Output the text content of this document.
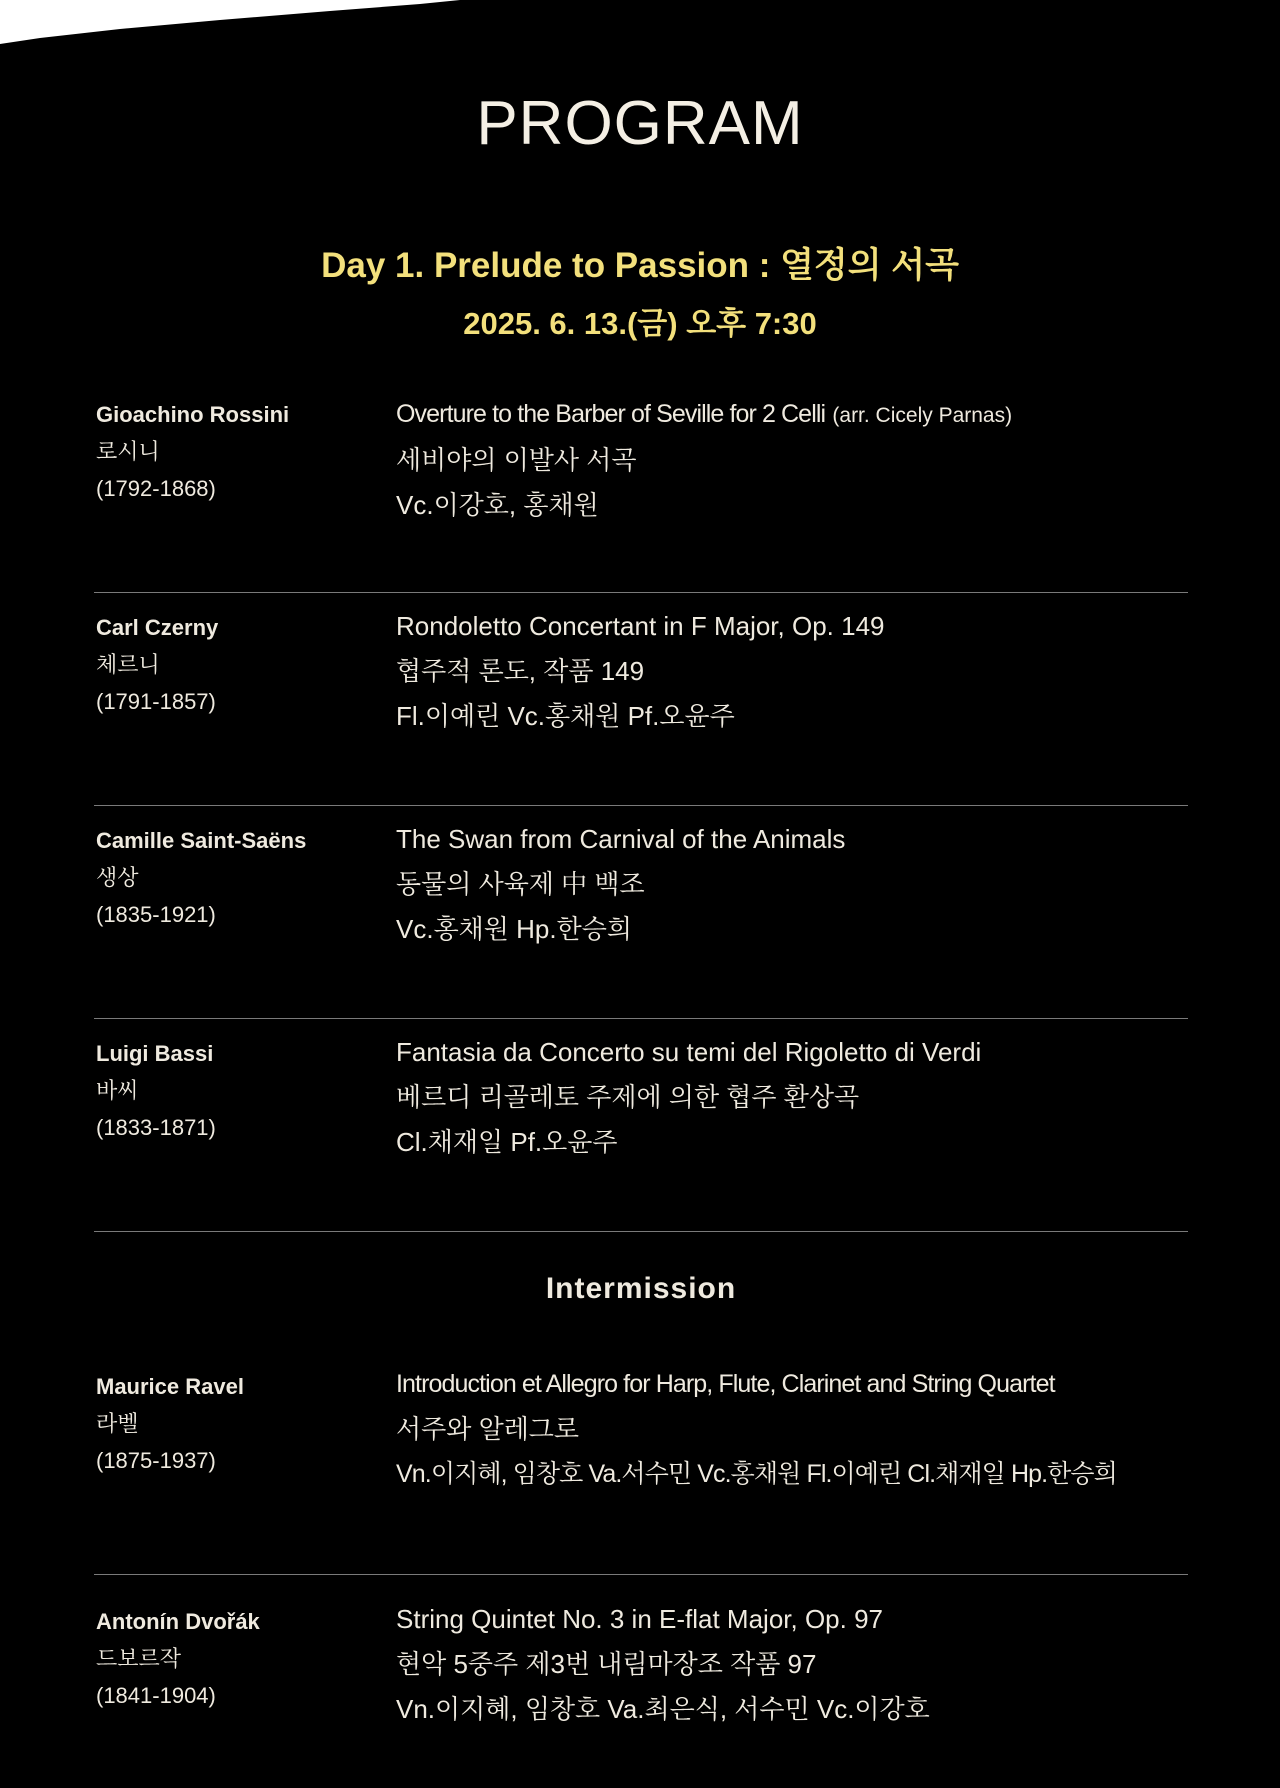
PROGRAM
Day 1. Prelude to Passion : 열정의 서곡
2025. 6. 13.(금) 오후 7:30
Gioachino Rossini
로시니
(1792-1868)
Overture to the Barber of Seville for 2 Celli (arr. Cicely Parnas)
세비야의 이발사 서곡
Vc.이강호, 홍채원
Carl Czerny
체르니
(1791-1857)
Rondoletto Concertant in F Major, Op. 149
협주적 론도, 작품 149
Fl.이예린 Vc.홍채원 Pf.오윤주
Camille Saint-Saëns
생상
(1835-1921)
The Swan from Carnival of the Animals
동물의 사육제 中 백조
Vc.홍채원 Hp.한승희
Luigi Bassi
바씨
(1833-1871)
Fantasia da Concerto su temi del Rigoletto di Verdi
베르디 리골레토 주제에 의한 협주 환상곡
Cl.채재일 Pf.오윤주
Intermission
Maurice Ravel
라벨
(1875-1937)
Introduction et Allegro for Harp, Flute, Clarinet and String Quartet
서주와 알레그로
Vn.이지혜, 임창호 Va.서수민 Vc.홍채원 Fl.이예린 Cl.채재일 Hp.한승희
Antonín Dvořák
드보르작
(1841-1904)
String Quintet No. 3 in E-flat Major, Op. 97
현악 5중주 제3번 내림마장조 작품 97
Vn.이지혜, 임창호 Va.최은식, 서수민 Vc.이강호
